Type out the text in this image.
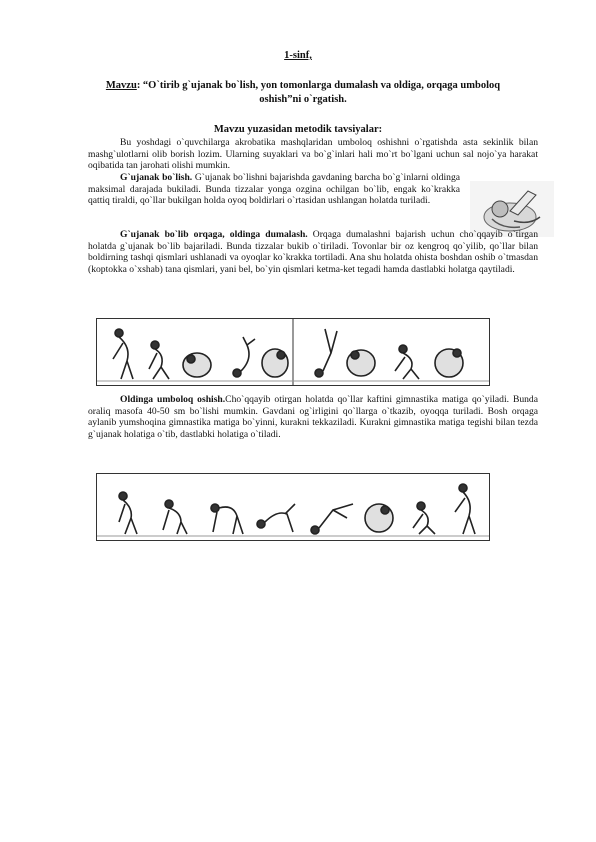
1-sinf,
Mavzu: “O`tirib g`ujanak bo`lish, yon tomonlarga dumalash va oldiga, orqaga umboloq oshish”ni o`rgatish.
Mavzu yuzasidan metodik tavsiyalar:

Bu yoshdagi o`quvchilarga akrobatika mashqlaridan umboloq oshishni o`rgatishda asta sekinlik bilan mashg`ulotlarni olib borish lozim. Ularning suyaklari va bo`g`inlari hali mo`rt bo`lgani uchun sal nojo`ya harakat oqibatida tan jarohati olishi mumkin.

G`ujanak bo`lish. G`ujanak bo`lishni bajarishda gavdaning barcha bo`g`inlarni oldinga maksimal darajada bukiladi. Bunda tizzalar yonga ozgina ochilgan bo`lib, engak ko`krakka qattiq tiraldi, qo`llar bukilgan holda oyoq boldirlari o`rtasidan ushlangan holatda turiladi.

G`ujanak bo`lib orqaga, oldinga dumalash. Orqaga dumalashni bajarish uchun cho`qqayib o`tirgan holatda g`ujanak bo`lib bajariladi. Bunda tizzalar bukib o`tiriladi. Tovonlar bir oz kengroq qo`yilib, qo`llar bilan boldirning tashqi qismlari ushlanadi va oyoqlar ko`krakka tortiladi. Ana shu holatda ohista boshdan oshib o`tmasdan (koptokka o`xshab) tana qismlari, yani bel, bo`yin qismlari ketma-ket tegadi hamda dastlabki holatga qaytiladi.

Oldinga umboloq oshish.Cho`qqayib otirgan holatda qo`llar kaftini gimnastika matiga qo`yiladi. Bunda oraliq masofa 40-50 sm bo`lishi mumkin. Gavdani og`irligini qo`llarga o`tkazib, oyoqqa turiladi. Bosh orqaga aylanib yumshoqina gimnastika matiga bo`yinni, kurakni tekkaziladi. Kurakni gimnastika matiga tegishi bilan tezda g`ujanak holatiga o`tib, dastlabki holatiga o`tiladi.
